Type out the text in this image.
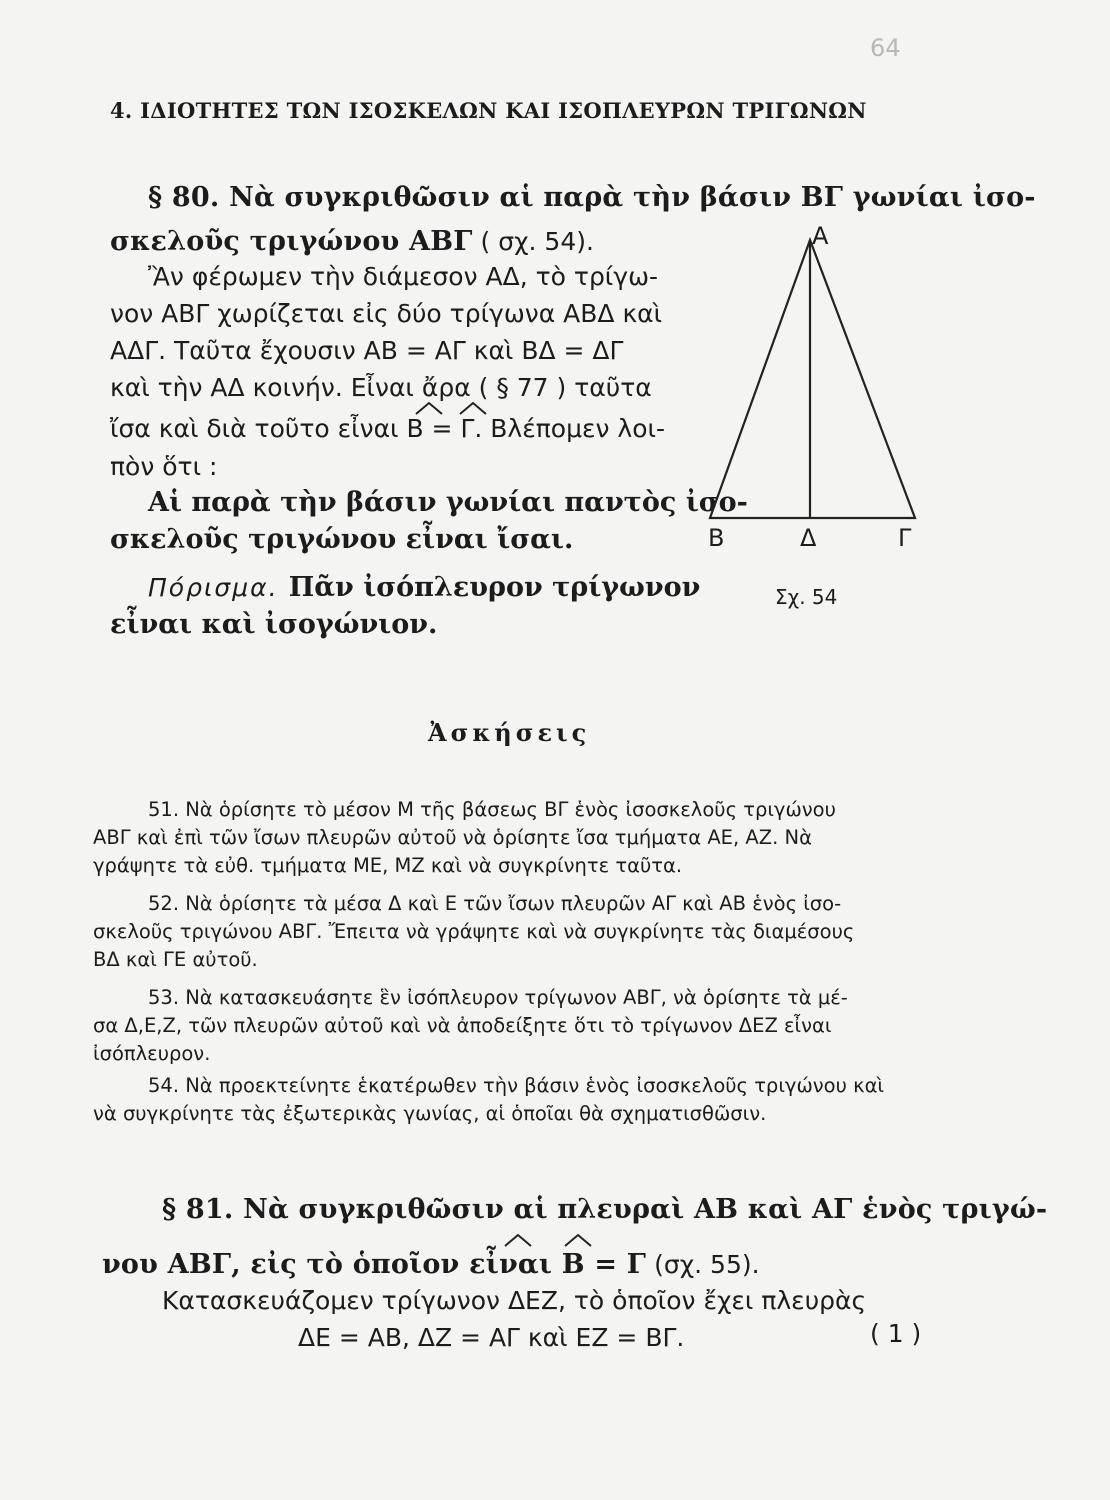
64
4. ΙΔΙΟΤΗΤΕΣ ΤΩΝ ΙΣΟΣΚΕΛΩΝ ΚΑΙ ΙΣΟΠΛΕΥΡΩΝ ΤΡΙΓΩΝΩΝ
§ 80. Νὰ συγκριθῶσιν αἱ παρὰ τὴν βάσιν ΒΓ γωνίαι ἰσο-
σκελοῦς τριγώνου ΑΒΓ ( σχ. 54).
Ἂν φέρωμεν τὴν διάμεσον ΑΔ, τὸ τρίγω-
νον ΑΒΓ χωρίζεται εἰς δύο τρίγωνα ΑΒΔ καὶ
ΑΔΓ. Ταῦτα ἔχουσιν ΑΒ = ΑΓ καὶ ΒΔ = ΔΓ
καὶ τὴν ΑΔ κοινήν. Εἶναι ἄρα ( § 77 ) ταῦτα
ἴσα καὶ διὰ τοῦτο εἶναι Β = Γ. Βλέπομεν λοι-
πὸν ὅτι :
Αἱ παρὰ τὴν βάσιν γωνίαι παντὸς ἰσο-
σκελοῦς τριγώνου εἶναι ἴσαι.
Πόρισμα. Πᾶν ἰσόπλευρον τρίγωνον
εἶναι καὶ ἰσογώνιον.
Α
Β	Δ	Γ
Σχ. 54
Ἀσκήσεις
51. Νὰ ὁρίσητε τὸ μέσον Μ τῆς βάσεως ΒΓ ἑνὸς ἰσοσκελοῦς τριγώνου
ΑΒΓ καὶ ἐπὶ τῶν ἴσων πλευρῶν αὐτοῦ νὰ ὁρίσητε ἴσα τμήματα ΑΕ, ΑΖ. Νὰ
γράψητε τὰ εὐθ. τμήματα ΜΕ, ΜΖ καὶ νὰ συγκρίνητε ταῦτα.
52. Νὰ ὁρίσητε τὰ μέσα Δ καὶ Ε τῶν ἴσων πλευρῶν ΑΓ καὶ ΑΒ ἑνὸς ἰσο-
σκελοῦς τριγώνου ΑΒΓ. Ἔπειτα νὰ γράψητε καὶ νὰ συγκρίνητε τὰς διαμέσους
ΒΔ καὶ ΓΕ αὐτοῦ.
53. Νὰ κατασκευάσητε ἓν ἰσόπλευρον τρίγωνον ΑΒΓ, νὰ ὁρίσητε τὰ μέ-
σα Δ,Ε,Ζ, τῶν πλευρῶν αὐτοῦ καὶ νὰ ἀποδείξητε ὅτι τὸ τρίγωνον ΔΕΖ εἶναι
ἰσόπλευρον.
54. Νὰ προεκτείνητε ἑκατέρωθεν τὴν βάσιν ἑνὸς ἰσοσκελοῦς τριγώνου καὶ
νὰ συγκρίνητε τὰς ἐξωτερικὰς γωνίας, αἱ ὁποῖαι θὰ σχηματισθῶσιν.
§ 81. Νὰ συγκριθῶσιν αἱ πλευραὶ ΑΒ καὶ ΑΓ ἑνὸς τριγώ-
νου ΑΒΓ, εἰς τὸ ὁποῖον εἶναι Β = Γ (σχ. 55).
Κατασκευάζομεν τρίγωνον ΔΕΖ, τὸ ὁποῖον ἔχει πλευρὰς
ΔΕ = ΑΒ, ΔΖ = ΑΓ καὶ ΕΖ = ΒΓ.	( 1 )
